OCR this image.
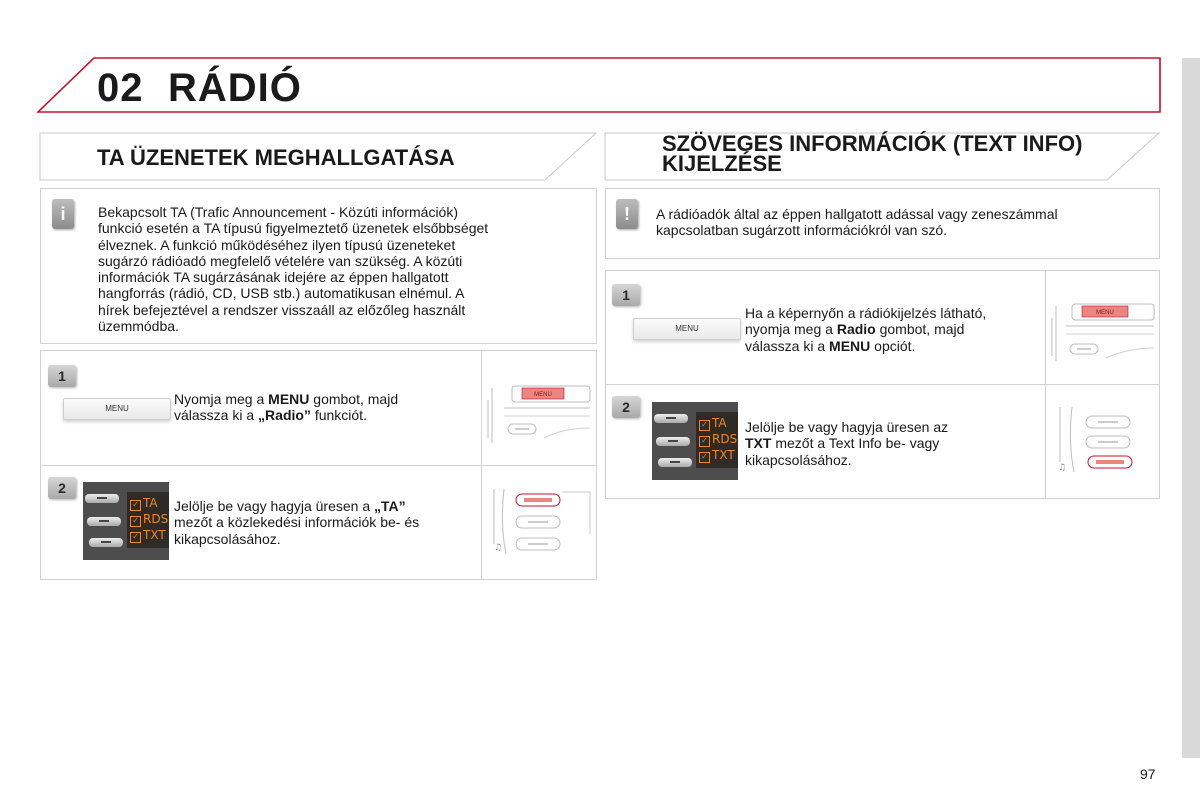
02 RÁDIÓ
TA ÜZENETEK MEGHALLGATÁSA
i	Bekapcsolt TA (Trafic Announcement - Közúti információk)
funkció esetén a TA típusú figyelmeztető üzenetek elsőbbséget
élveznek. A funkció működéséhez ilyen típusú üzeneteket
sugárzó rádióadó megfelelő vételére van szükség. A közúti
információk TA sugárzásának idejére az éppen hallgatott
hangforrás (rádió, CD, USB stb.) automatikusan elnémul. A
hírek befejeztével a rendszer visszaáll az előzőleg használt
üzemmódba.
1
MENU
Nyomja meg a MENU gombot, majd
válassza ki a „Radio” funkciót.
MENU
2
✓ TA
✓ RDS
✓ TXT
Jelölje be vagy hagyja üresen a „TA”
mezőt a közlekedési információk be- és
kikapcsolásához.
♫
SZÖVEGES INFORMÁCIÓK (TEXT INFO)
KIJELZÉSE
!	A rádióadók által az éppen hallgatott adással vagy zeneszámmal
kapcsolatban sugárzott információkról van szó.
1
MENU
Ha a képernyőn a rádiókijelzés látható,
nyomja meg a Radio gombot, majd
válassza ki a MENU opciót.
MENU
2
✓ TA
✓ RDS
✓ TXT
Jelölje be vagy hagyja üresen az
TXT mezőt a Text Info be- vagy
kikapcsolásához.
♫
97
